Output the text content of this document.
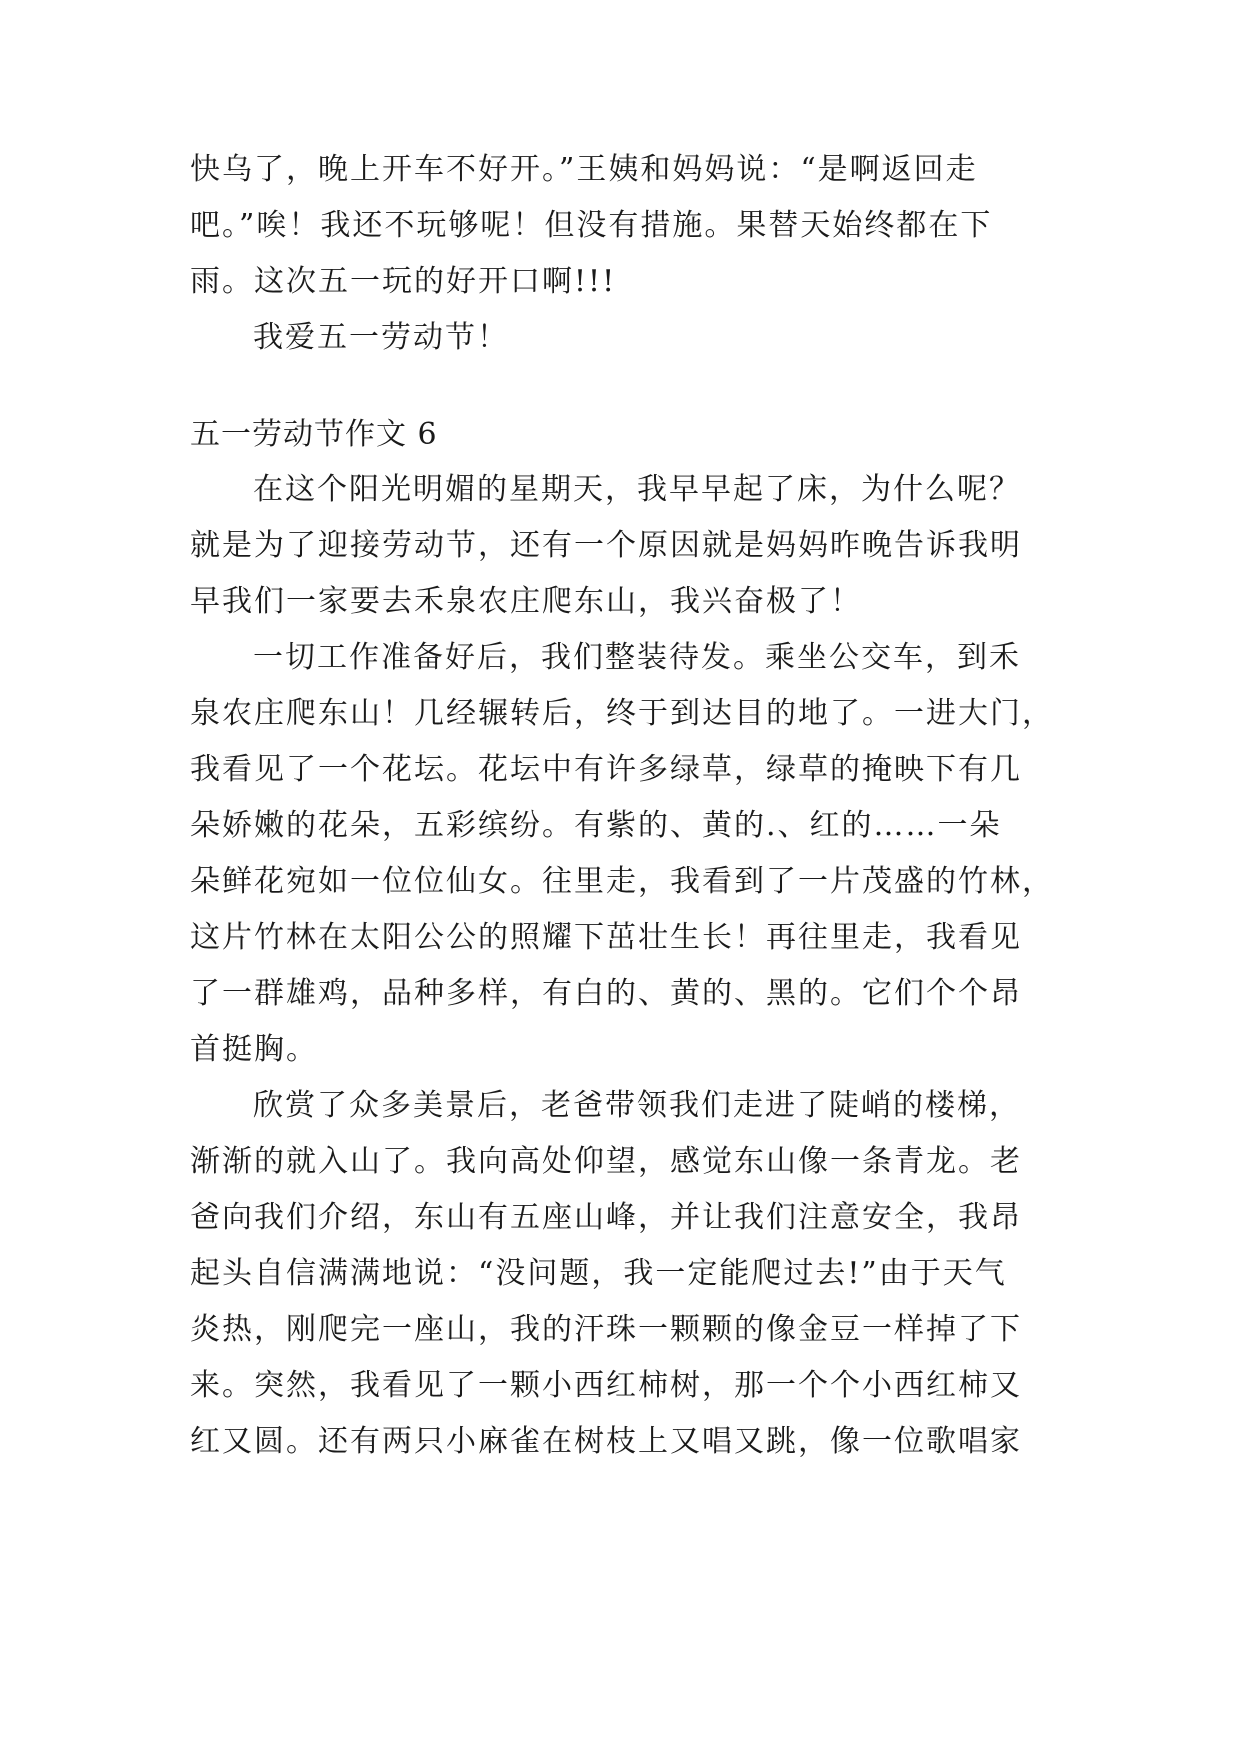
快乌了，晚上开车不好开。”王姨和妈妈说：“是啊返回走
吧。”唉！我还不玩够呢！但没有措施。果替天始终都在下
雨。这次五一玩的好开口啊!!!
我爱五一劳动节！
五一劳动节作文 6
在这个阳光明媚的星期天，我早早起了床，为什么呢？
就是为了迎接劳动节，还有一个原因就是妈妈昨晚告诉我明
早我们一家要去禾泉农庄爬东山，我兴奋极了！
一切工作准备好后，我们整装待发。乘坐公交车，到禾
泉农庄爬东山！几经辗转后，终于到达目的地了。一进大门，
我看见了一个花坛。花坛中有许多绿草，绿草的掩映下有几
朵娇嫩的花朵，五彩缤纷。有紫的、黄的.、红的……一朵
朵鲜花宛如一位位仙女。往里走，我看到了一片茂盛的竹林，
这片竹林在太阳公公的照耀下茁壮生长！再往里走，我看见
了一群雄鸡，品种多样，有白的、黄的、黑的。它们个个昂
首挺胸。
欣赏了众多美景后，老爸带领我们走进了陡峭的楼梯，
渐渐的就入山了。我向高处仰望，感觉东山像一条青龙。老
爸向我们介绍，东山有五座山峰，并让我们注意安全，我昂
起头自信满满地说：“没问题，我一定能爬过去!”由于天气
炎热，刚爬完一座山，我的汗珠一颗颗的像金豆一样掉了下
来。突然，我看见了一颗小西红柿树，那一个个小西红柿又
红又圆。还有两只小麻雀在树枝上又唱又跳，像一位歌唱家
